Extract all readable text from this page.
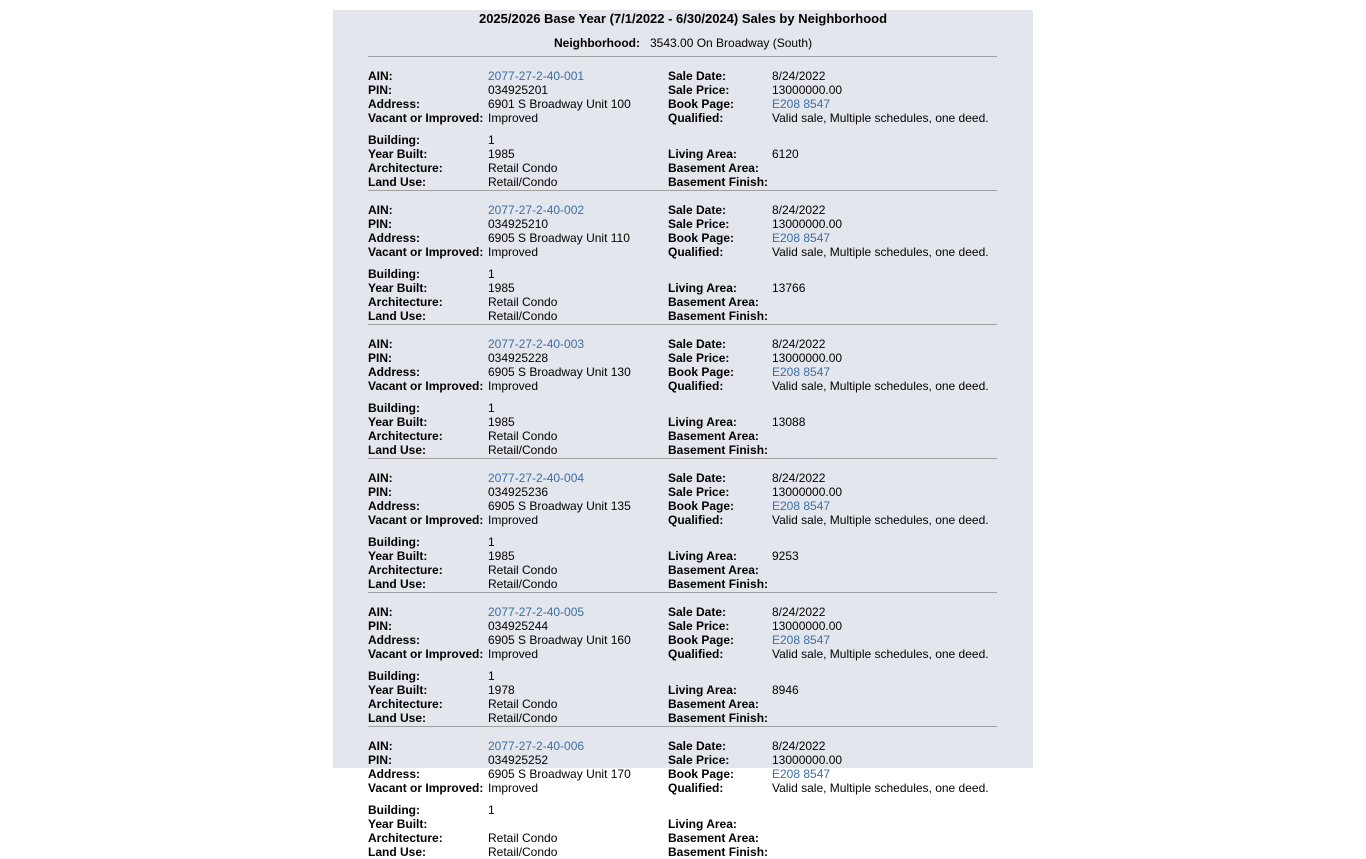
2025/2026 Base Year (7/1/2022 - 6/30/2024) Sales by Neighborhood
Neighborhood: 3543.00 On Broadway (South)
AIN:	2077-27-2-40-001	Sale Date:	8/24/2022
PIN:	034925201	Sale Price:	13000000.00
Address:	6901 S Broadway Unit 100	Book Page:	E208 8547
Vacant or Improved: Improved	Qualified:	Valid sale, Multiple schedules, one deed.
Building:	1
Year Built:	1985	Living Area:	6120
Architecture:	Retail Condo	Basement Area:
Land Use:	Retail/Condo	Basement Finish:
AIN:	2077-27-2-40-002	Sale Date:	8/24/2022
PIN:	034925210	Sale Price:	13000000.00
Address:	6905 S Broadway Unit 110	Book Page:	E208 8547
Vacant or Improved: Improved	Qualified:	Valid sale, Multiple schedules, one deed.
Building:	1
Year Built:	1985	Living Area:	13766
Architecture:	Retail Condo	Basement Area:
Land Use:	Retail/Condo	Basement Finish:
AIN:	2077-27-2-40-003	Sale Date:	8/24/2022
PIN:	034925228	Sale Price:	13000000.00
Address:	6905 S Broadway Unit 130	Book Page:	E208 8547
Vacant or Improved: Improved	Qualified:	Valid sale, Multiple schedules, one deed.
Building:	1
Year Built:	1985	Living Area:	13088
Architecture:	Retail Condo	Basement Area:
Land Use:	Retail/Condo	Basement Finish:
AIN:	2077-27-2-40-004	Sale Date:	8/24/2022
PIN:	034925236	Sale Price:	13000000.00
Address:	6905 S Broadway Unit 135	Book Page:	E208 8547
Vacant or Improved: Improved	Qualified:	Valid sale, Multiple schedules, one deed.
Building:	1
Year Built:	1985	Living Area:	9253
Architecture:	Retail Condo	Basement Area:
Land Use:	Retail/Condo	Basement Finish:
AIN:	2077-27-2-40-005	Sale Date:	8/24/2022
PIN:	034925244	Sale Price:	13000000.00
Address:	6905 S Broadway Unit 160	Book Page:	E208 8547
Vacant or Improved: Improved	Qualified:	Valid sale, Multiple schedules, one deed.
Building:	1
Year Built:	1978	Living Area:	8946
Architecture:	Retail Condo	Basement Area:
Land Use:	Retail/Condo	Basement Finish:
AIN:	2077-27-2-40-006	Sale Date:	8/24/2022
PIN:	034925252	Sale Price:	13000000.00
Address:	6905 S Broadway Unit 170	Book Page:	E208 8547
Vacant or Improved: Improved	Qualified:	Valid sale, Multiple schedules, one deed.
Building:	1
Year Built:	Living Area:
Architecture:	Retail Condo	Basement Area:
Land Use:	Retail/Condo	Basement Finish:
